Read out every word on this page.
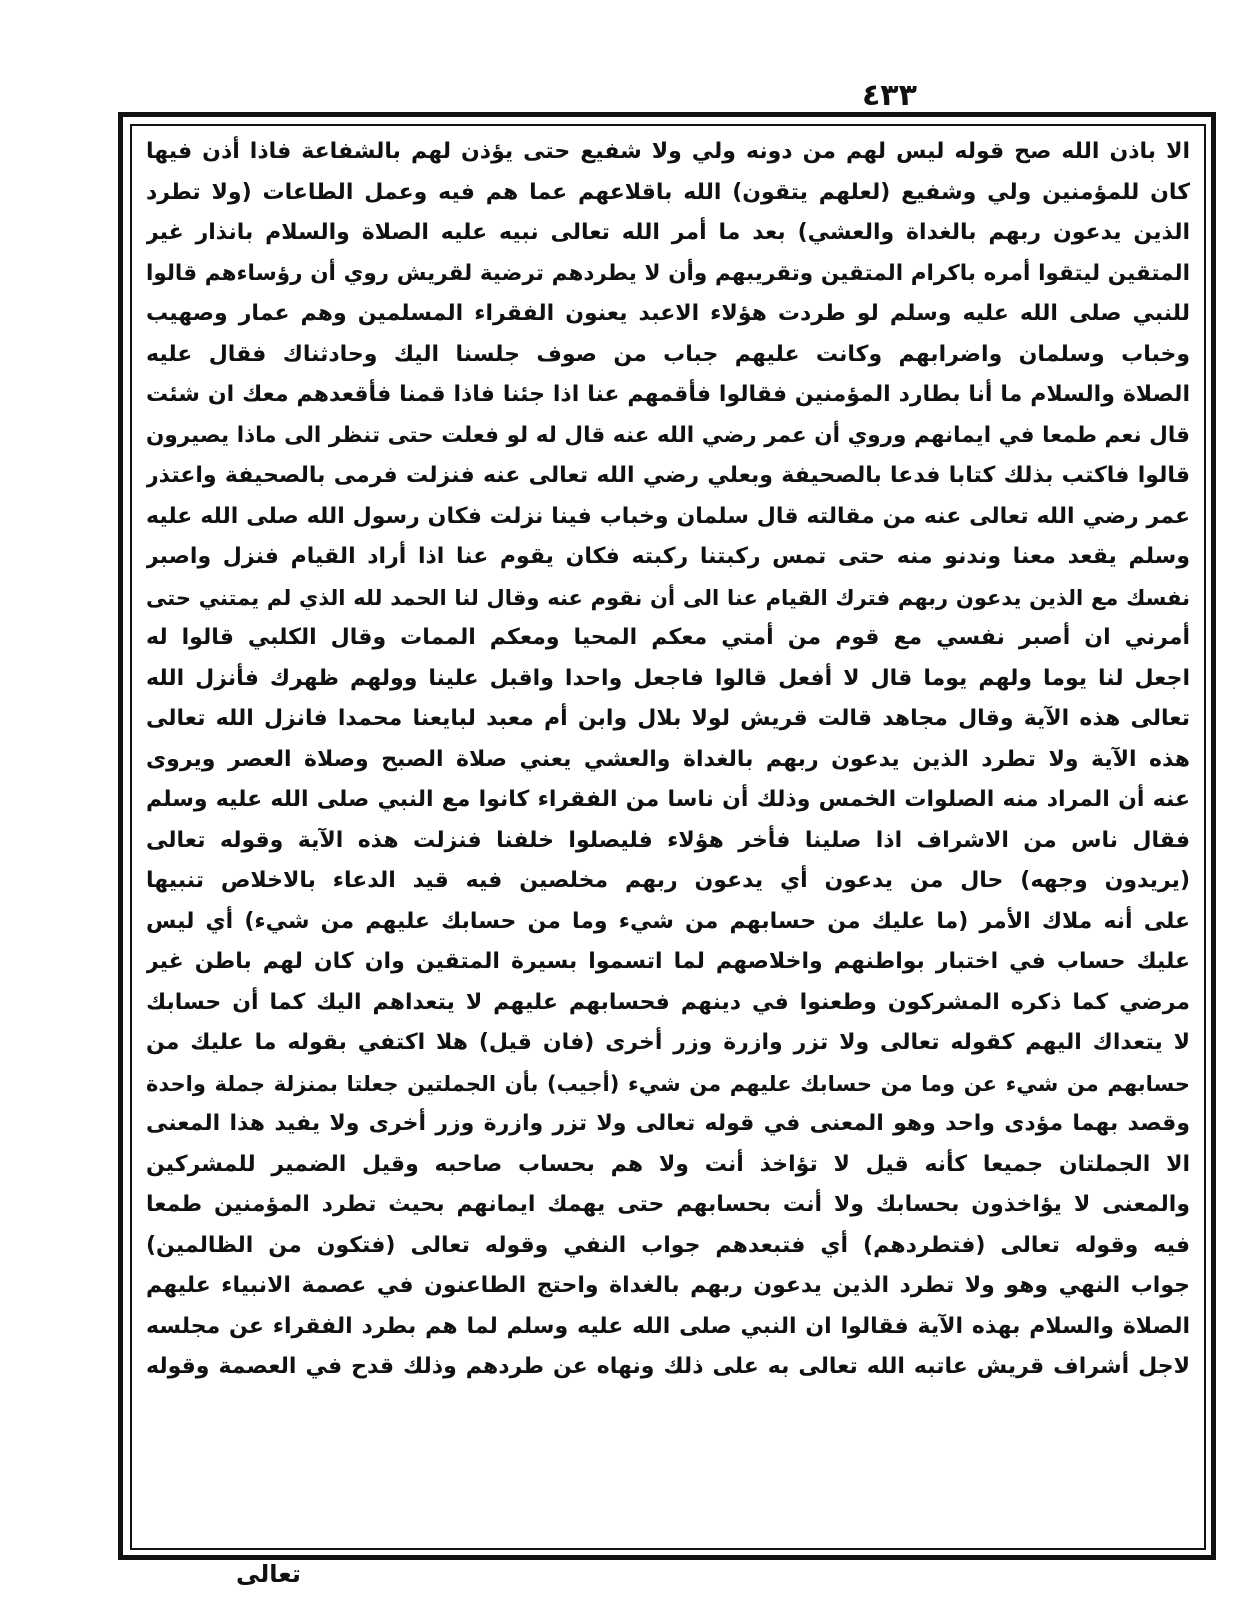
٤٣٣
الا باذن الله صح قوله ليس لهم من دونه ولي ولا شفيع حتى يؤذن لهم بالشفاعة فاذا أذن فيها
كان للمؤمنين ولي وشفيع (لعلهم يتقون) الله باقلاعهم عما هم فيه وعمل الطاعات (ولا تطرد
الذين يدعون ربهم بالغداة والعشي) بعد ما أمر الله تعالى نبيه عليه الصلاة والسلام بانذار غير
المتقين ليتقوا أمره باكرام المتقين وتقريبهم وأن لا يطردهم ترضية لقريش روي أن رؤساءهم قالوا
للنبي صلى الله عليه وسلم لو طردت هؤلاء الاعبد يعنون الفقراء المسلمين وهم عمار وصهيب
وخباب وسلمان واضرابهم وكانت عليهم جباب من صوف جلسنا اليك وحادثناك فقال عليه
الصلاة والسلام ما أنا بطارد المؤمنين فقالوا فأقمهم عنا اذا جئنا فاذا قمنا فأقعدهم معك ان شئت
قال نعم طمعا في ايمانهم وروي أن عمر رضي الله عنه قال له لو فعلت حتى تنظر الى ماذا يصيرون
قالوا فاكتب بذلك كتابا فدعا بالصحيفة وبعلي رضي الله تعالى عنه فنزلت فرمى بالصحيفة واعتذر
عمر رضي الله تعالى عنه من مقالته قال سلمان وخباب فينا نزلت فكان رسول الله صلى الله عليه
وسلم يقعد معنا وندنو منه حتى تمس ركبتنا ركبته فكان يقوم عنا اذا أراد القيام فنزل واصبر
نفسك مع الذين يدعون ربهم فترك القيام عنا الى أن نقوم عنه وقال لنا الحمد لله الذي لم يمتني حتى
أمرني ان أصبر نفسي مع قوم من أمتي معكم المحيا ومعكم الممات وقال الكلبي قالوا له
اجعل لنا يوما ولهم يوما قال لا أفعل قالوا فاجعل واحدا واقبل علينا وولهم ظهرك فأنزل الله
تعالى هذه الآية وقال مجاهد قالت قريش لولا بلال وابن أم معبد لبايعنا محمدا فانزل الله تعالى
هذه الآية ولا تطرد الذين يدعون ربهم بالغداة والعشي يعني صلاة الصبح وصلاة العصر ويروى
عنه أن المراد منه الصلوات الخمس وذلك أن ناسا من الفقراء كانوا مع النبي صلى الله عليه وسلم
فقال ناس من الاشراف اذا صلينا فأخر هؤلاء فليصلوا خلفنا فنزلت هذه الآية وقوله تعالى
(يريدون وجهه) حال من يدعون أي يدعون ربهم مخلصين فيه قيد الدعاء بالاخلاص تنبيها
على أنه ملاك الأمر (ما عليك من حسابهم من شيء وما من حسابك عليهم من شيء) أي ليس
عليك حساب في اختبار بواطنهم واخلاصهم لما اتسموا بسيرة المتقين وان كان لهم باطن غير
مرضي كما ذكره المشركون وطعنوا في دينهم فحسابهم عليهم لا يتعداهم اليك كما أن حسابك
لا يتعداك اليهم كقوله تعالى ولا تزر وازرة وزر أخرى (فان قيل) هلا اكتفي بقوله ما عليك من
حسابهم من شيء عن وما من حسابك عليهم من شيء (أجيب) بأن الجملتين جعلتا بمنزلة جملة واحدة
وقصد بهما مؤدى واحد وهو المعنى في قوله تعالى ولا تزر وازرة وزر أخرى ولا يفيد هذا المعنى
الا الجملتان جميعا كأنه قيل لا تؤاخذ أنت ولا هم بحساب صاحبه وقيل الضمير للمشركين
والمعنى لا يؤاخذون بحسابك ولا أنت بحسابهم حتى يهمك ايمانهم بحيث تطرد المؤمنين طمعا
فيه وقوله تعالى (فتطردهم) أي فتبعدهم جواب النفي وقوله تعالى (فتكون من الظالمين)
جواب النهي وهو ولا تطرد الذين يدعون ربهم بالغداة واحتج الطاعنون في عصمة الانبياء عليهم
الصلاة والسلام بهذه الآية فقالوا ان النبي صلى الله عليه وسلم لما هم بطرد الفقراء عن مجلسه
لاجل أشراف قريش عاتبه الله تعالى به على ذلك ونهاه عن طردهم وذلك قدح في العصمة وقوله
تعالى
